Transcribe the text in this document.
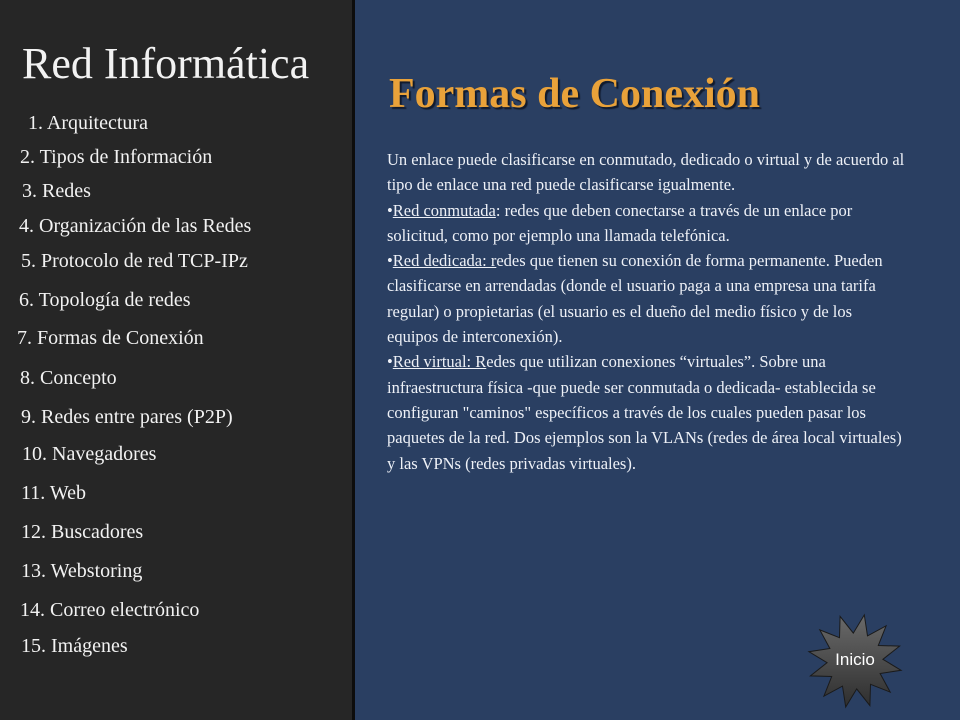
Red Informática
1. Arquitectura
2. Tipos de Información
3. Redes
4. Organización de las Redes
5. Protocolo de red TCP-IPz
6. Topología de redes
7. Formas de Conexión
8. Concepto
9. Redes entre pares (P2P)
10. Navegadores
11. Web
12. Buscadores
13. Webstoring
14. Correo electrónico
15. Imágenes
Formas de Conexión

Un enlace puede clasificarse en conmutado, dedicado o virtual y de acuerdo al tipo de enlace una red puede clasificarse igualmente.

•Red conmutada: redes que deben conectarse a través de un enlace por solicitud, como por ejemplo una llamada telefónica.

•Red dedicada: redes que tienen su conexión de forma permanente. Pueden clasificarse en arrendadas (donde el usuario paga a una empresa una tarifa regular) o propietarias (el usuario es el dueño del medio físico y de los equipos de interconexión).

•Red virtual: Redes que utilizan conexiones “virtuales”. Sobre una infraestructura física -que puede ser conmutada o dedicada- establecida se configuran "caminos" específicos a través de los cuales pueden pasar los paquetes de la red. Dos ejemplos son la VLANs (redes de área local virtuales) y las VPNs (redes privadas virtuales).

Inicio
